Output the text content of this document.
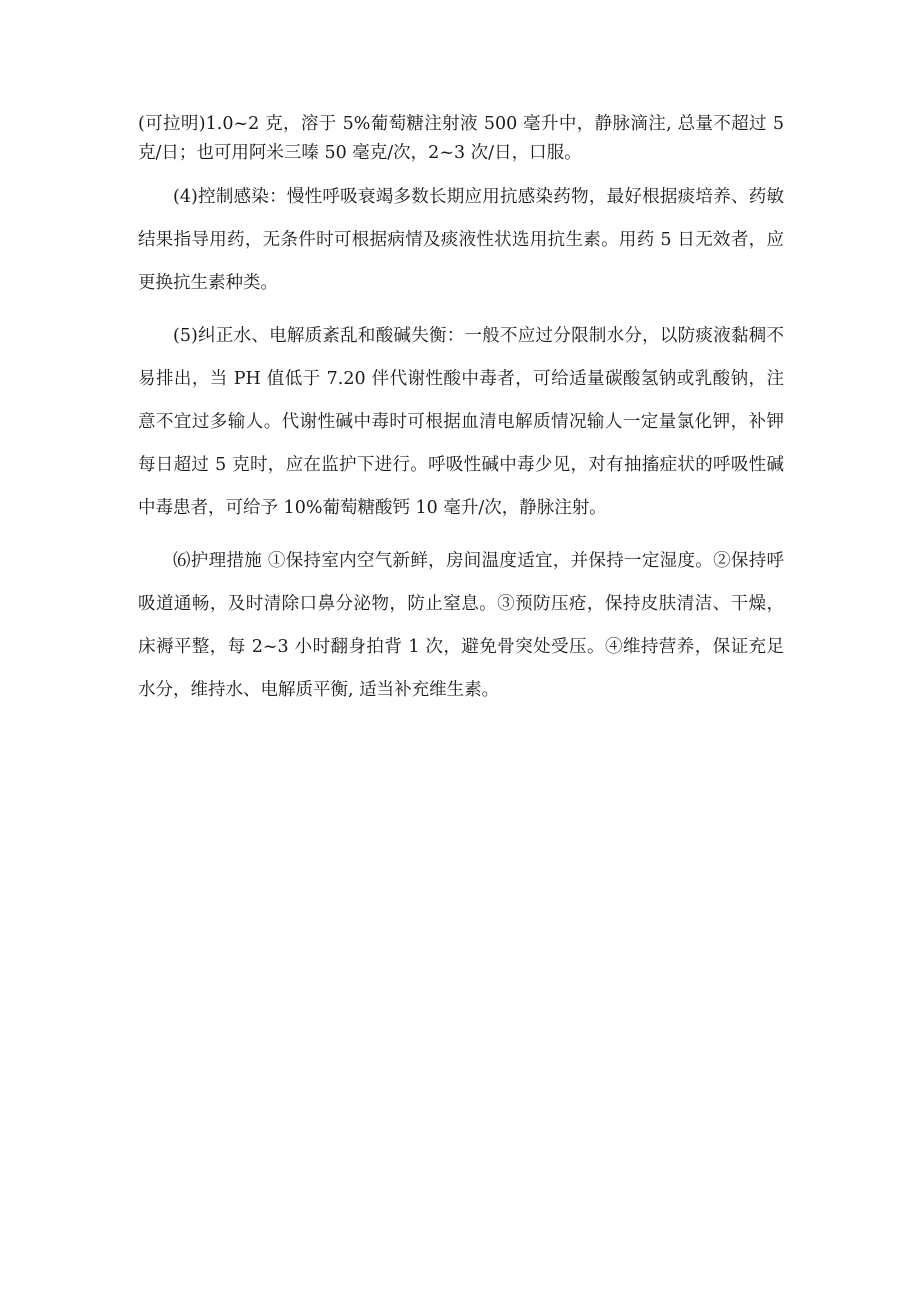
(可拉明)1.0~2 克，溶于 5%葡萄糖注射液 500 毫升中，静脉滴注, 总量不超过 5 克/日；也可用阿米三嗪 50 毫克/次，2~3 次/日，口服。

(4)控制感染：慢性呼吸衰竭多数长期应用抗感染药物，最好根据痰培养、药敏结果指导用药，无条件时可根据病情及痰液性状选用抗生素。用药 5 日无效者，应更换抗生素种类。

(5)纠正水、电解质紊乱和酸碱失衡：一般不应过分限制水分，以防痰液黏稠不易排出，当 PH 值低于 7.20 伴代谢性酸中毒者，可给适量碳酸氢钠或乳酸钠，注意不宜过多输人。代谢性碱中毒时可根据血清电解质情况输人一定量氯化钾，补钾每日超过 5 克时，应在监护下进行。呼吸性碱中毒少见，对有抽搐症状的呼吸性碱中毒患者，可给予 10%葡萄糖酸钙 10 毫升/次，静脉注射。

⑹护理措施 ①保持室内空气新鲜，房间温度适宜，并保持一定湿度。②保持呼吸道通畅，及时清除口鼻分泌物，防止窒息。③预防压疮，保持皮肤清洁、干燥，床褥平整，每 2~3 小时翻身拍背 1 次，避免骨突处受压。④维持营养，保证充足水分，维持水、电解质平衡, 适当补充维生素。
